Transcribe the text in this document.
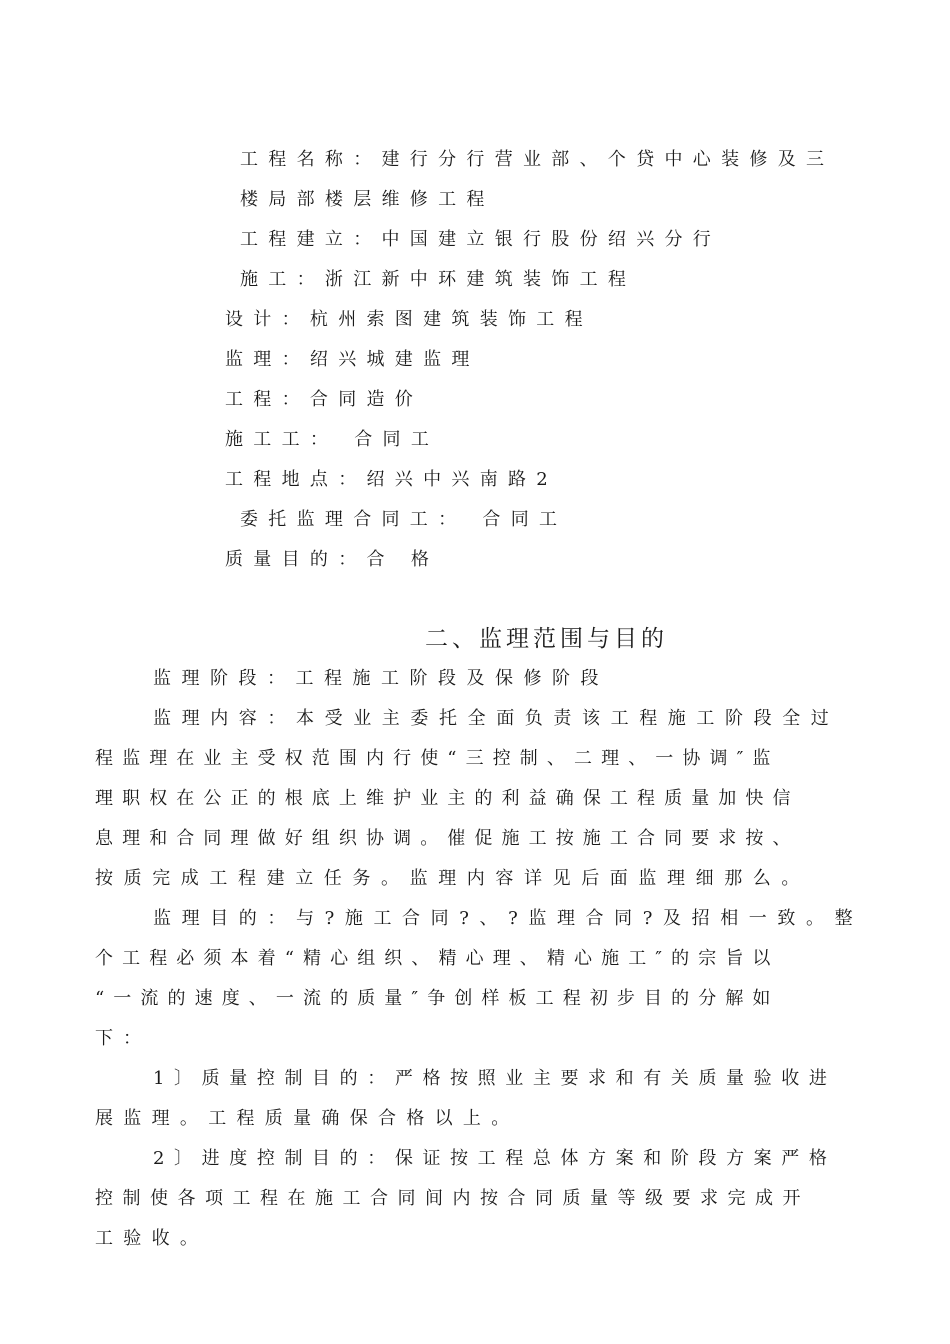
工程名称：建行分行营业部、个贷中心装修及三
楼局部楼层维修工程
工程建立：中国建立银行股份绍兴分行
施工：浙江新中环建筑装饰工程
设计：杭州索图建筑装饰工程
监理：绍兴城建监理
工程：合同造价
施工工： 合同工
工程地点：绍兴中兴南路2
委托监理合同工： 合同工
质量目的：合 格
二、监理范围与目的
监理阶段：工程施工阶段及保修阶段
监理内容：本受业主委托全面负责该工程施工阶段全过
程监理在业主受权范围内行使“三控制、二理、一协调″监
理职权在公正的根底上维护业主的利益确保工程质量加快信
息理和合同理做好组织协调。催促施工按施工合同要求按、
按质完成工程建立任务。监理内容详见后面监理细那么。
监理目的：与?施工合同?、?监理合同?及招相一致。整
个工程必须本着“精心组织、精心理、精心施工″的宗旨以
“一流的速度、一流的质量″争创样板工程初步目的分解如
下：
1〕质量控制目的：严格按照业主要求和有关质量验收进
展监理。工程质量确保合格以上。
2〕进度控制目的：保证按工程总体方案和阶段方案严格
控制使各项工程在施工合同间内按合同质量等级要求完成开
工验收。
